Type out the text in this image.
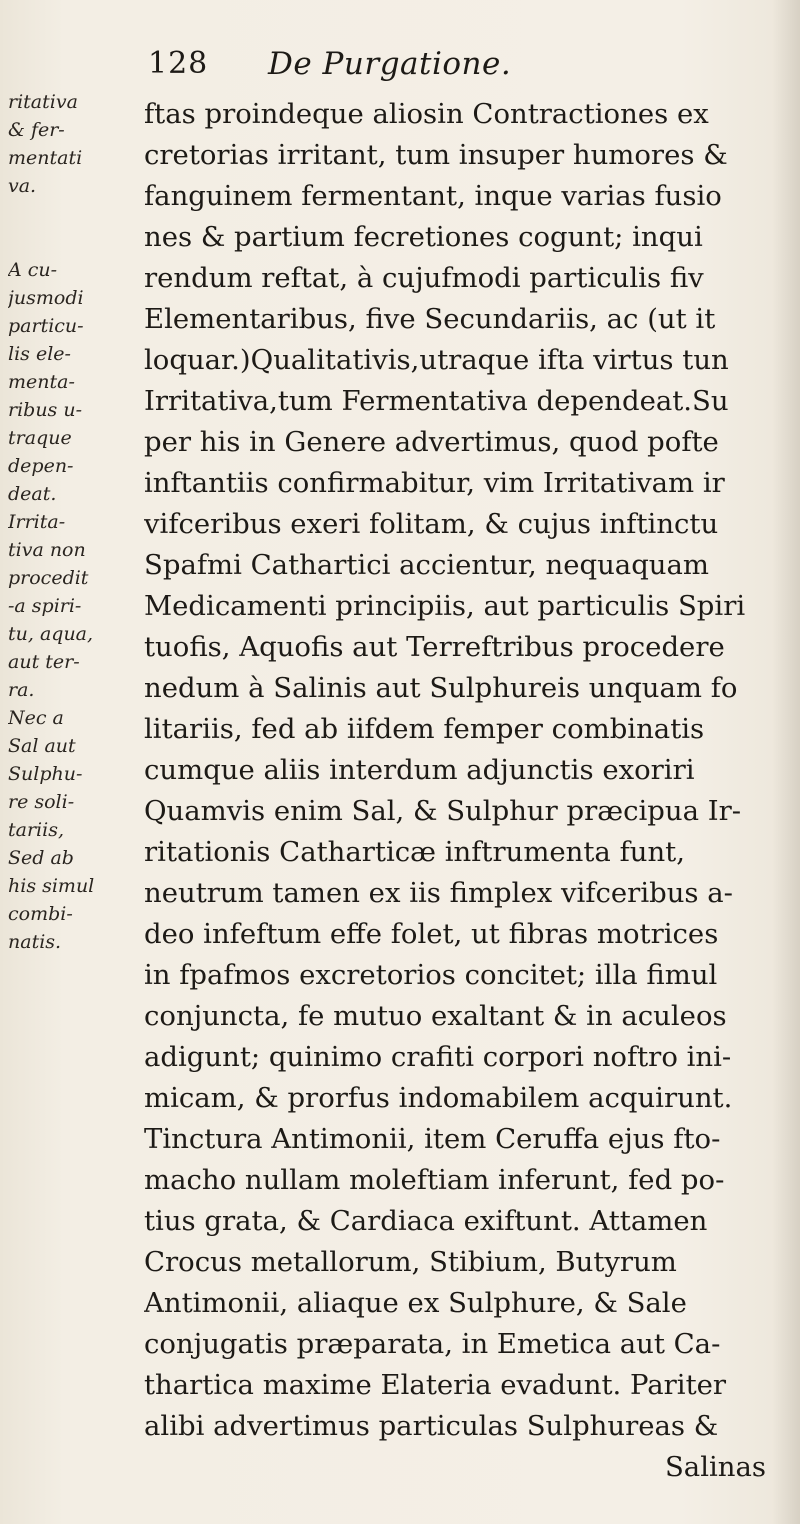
128 De Purgatione.
ritativa
& fer-
mentati
va.
A cu-
jusmodi
particu-
lis ele-
menta-
ribus u-
traque
depen-
deat.
Irrita-
tiva non
procedit
-a spiri-
tu, aqua,
aut ter-
ra.
Nec a
Sal aut
Sulphu-
re soli-
tariis,
Sed ab
his simul
combi-
natis.
ftas proindeque aliosin Contractiones ex
cretorias irritant, tum insuper humores &
fanguinem fermentant, inque varias fusio
nes & partium fecretiones cogunt; inqui
rendum reftat, à cujufmodi particulis fiv
Elementaribus, five Secundariis, ac (ut it
loquar.)Qualitativis,utraque ifta virtus tun
Irritativa,tum Fermentativa dependeat.Su
per his in Genere advertimus, quod pofte
inftantiis confirmabitur, vim Irritativam ir
vifceribus exeri folitam, & cujus inftinctu
Spafmi Cathartici accientur, nequaquam
Medicamenti principiis, aut particulis Spiri
tuofis, Aquofis aut Terreftribus procedere
nedum à Salinis aut Sulphureis unquam fo
litariis, fed ab iifdem femper combinatis
cumque aliis interdum adjunctis exoriri
Quamvis enim Sal, & Sulphur præcipua Ir-
ritationis Catharticæ inftrumenta funt,
neutrum tamen ex iis fimplex vifceribus a-
deo infeftum effe folet, ut fibras motrices
in fpafmos excretorios concitet; illa fimul
conjuncta, fe mutuo exaltant & in aculeos
adigunt; quinimo crafiti corpori noftro ini-
micam, & prorfus indomabilem acquirunt.
Tinctura Antimonii, item Ceruffa ejus fto-
macho nullam moleftiam inferunt, fed po-
tius grata, & Cardiaca exiftunt. Attamen
Crocus metallorum, Stibium, Butyrum
Antimonii, aliaque ex Sulphure, & Sale
conjugatis præparata, in Emetica aut Ca-
thartica maxime Elateria evadunt. Pariter
alibi advertimus particulas Sulphureas &
Salinas
